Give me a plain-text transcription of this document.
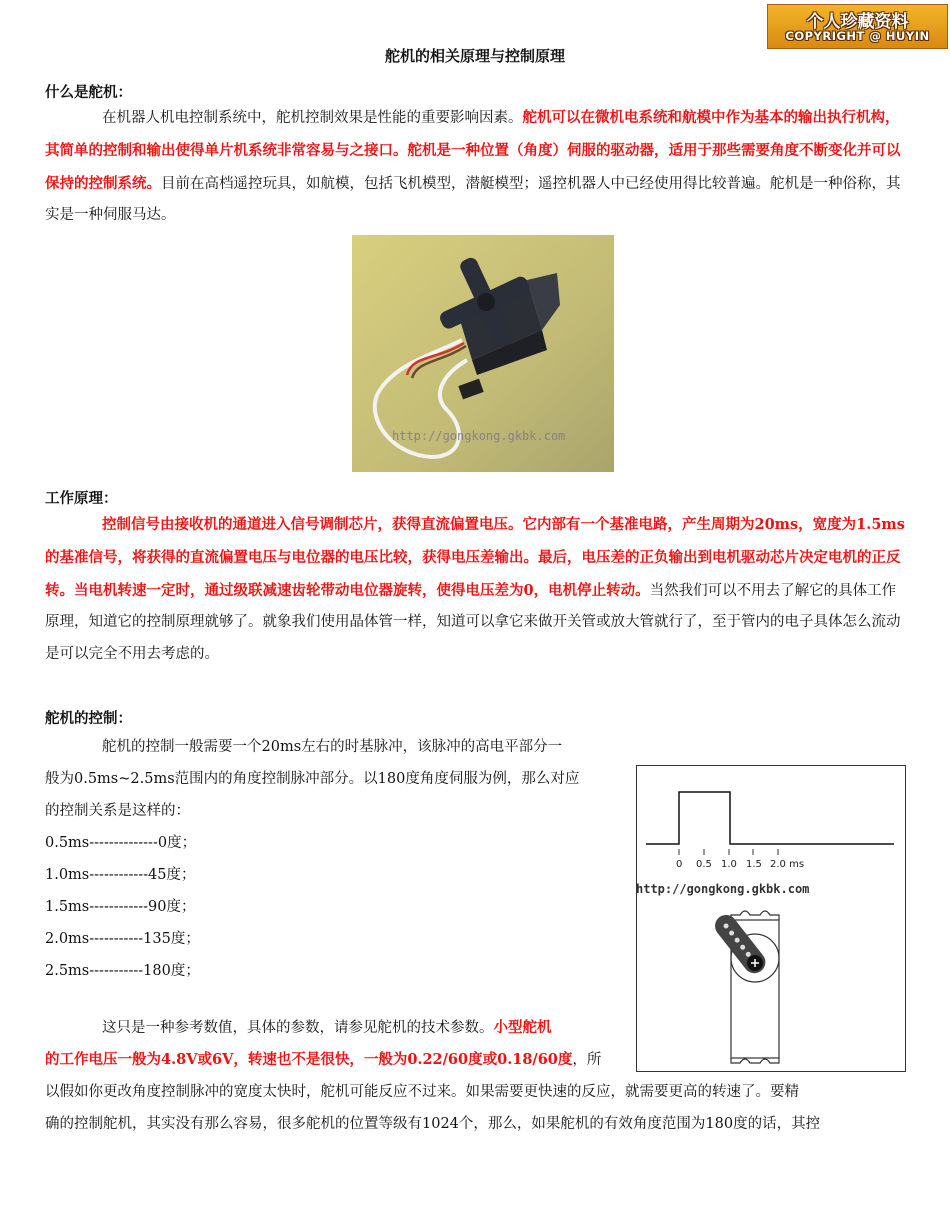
个人珍藏资料
COPYRIGHT @ HUYIN
舵机的相关原理与控制原理
什么是舵机：
在机器人机电控制系统中，舵机控制效果是性能的重要影响因素。舵机可以在微机电系统和航模中作为基本的输出执行机构，其简单的控制和输出使得单片机系统非常容易与之接口。舵机是一种位置（角度）伺服的驱动器，适用于那些需要角度不断变化并可以保持的控制系统。目前在高档遥控玩具，如航模，包括飞机模型，潜艇模型；遥控机器人中已经使用得比较普遍。舵机是一种俗称，其实是一种伺服马达。
http://gongkong.gkbk.com
工作原理：
控制信号由接收机的通道进入信号调制芯片，获得直流偏置电压。它内部有一个基准电路，产生周期为20ms，宽度为1.5ms的基准信号，将获得的直流偏置电压与电位器的电压比较，获得电压差输出。最后，电压差的正负输出到电机驱动芯片决定电机的正反转。当电机转速一定时，通过级联减速齿轮带动电位器旋转，使得电压差为0，电机停止转动。当然我们可以不用去了解它的具体工作原理，知道它的控制原理就够了。就象我们使用晶体管一样，知道可以拿它来做开关管或放大管就行了，至于管内的电子具体怎么流动是可以完全不用去考虑的。
舵机的控制：
舵机的控制一般需要一个20ms左右的时基脉冲，该脉冲的高电平部分一
般为0.5ms~2.5ms范围内的角度控制脉冲部分。以180度角度伺服为例，那么对应
的控制关系是这样的：
0.5ms--------------0度；
1.0ms------------45度；
1.5ms------------90度；
2.0ms-----------135度；
2.5ms-----------180度；
这只是一种参考数值，具体的参数，请参见舵机的技术参数。小型舵机
的工作电压一般为4.8V或6V，转速也不是很快，一般为0.22/60度或0.18/60度，所
以假如你更改角度控制脉冲的宽度太快时，舵机可能反应不过来。如果需要更快速的反应，就需要更高的转速了。要精
确的控制舵机，其实没有那么容易，很多舵机的位置等级有1024个，那么，如果舵机的有效角度范围为180度的话，其控
0 0.5 1.0 1.5 2.0 ms
http://gongkong.gkbk.com
